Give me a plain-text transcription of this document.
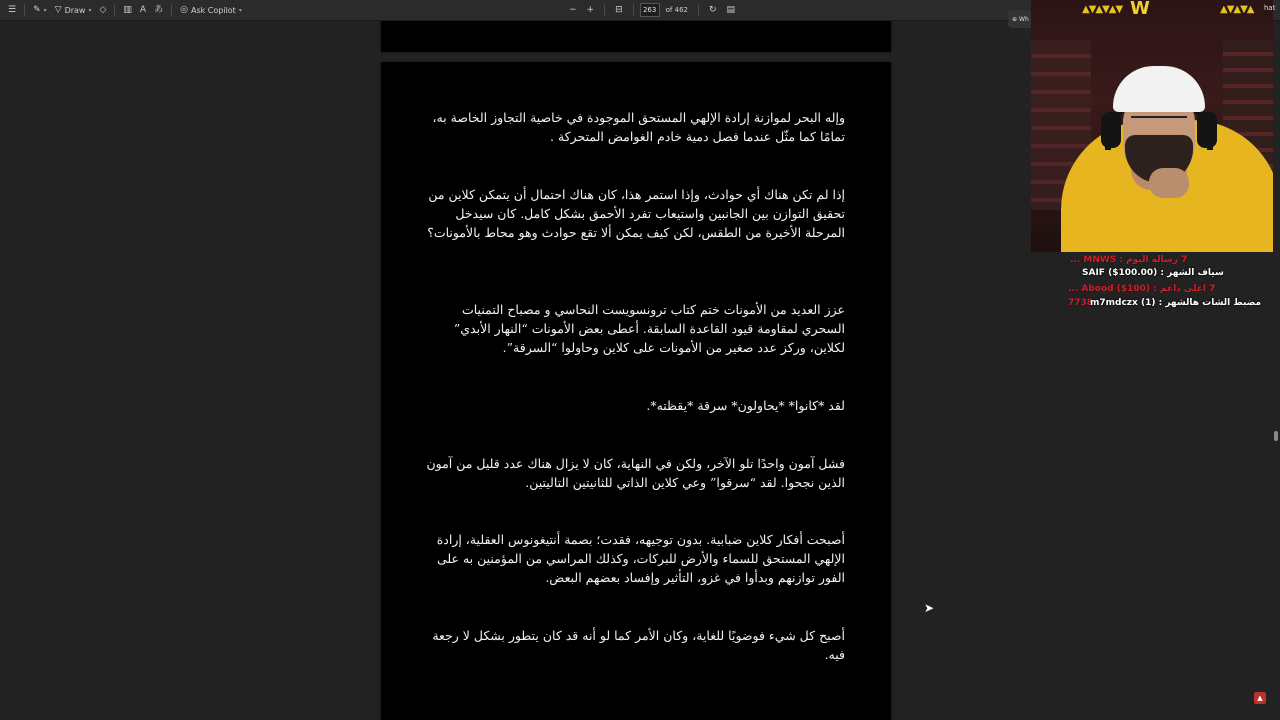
☰ ✎ ▾ ▽ Draw ▾ ◇ ▥ A あ ◎ Ask Copilot ▾	− + ⊟
263	of 462 ↻ ▤

وإله البحر لموازنة إرادة الإلهي المستحق الموجودة في خاصية التجاوز الخاصة به، تمامًا كما مثّل عندما فصل دمية خادم الغوامض المتحركة .

إذا لم تكن هناك أي حوادث، وإذا استمر هذا، كان هناك احتمال أن يتمكن كلاين من تحقيق التوازن بين الجانبين واستيعاب تفرد الأحمق بشكل كامل. كان سيدخل المرحلة الأخيرة من الطقس، لكن كيف يمكن ألا تقع حوادث وهو محاط بالأمونات؟

عزز العديد من الأمونات ختم كتاب ترونسويست النحاسي و مصباح التمنيات السحري لمقاومة قيود القاعدة السابقة. أعطى بعض الأمونات “النهار الأبدي” لكلاين، وركز عدد صغير من الأمونات على كلاين وحاولوا “السرقة”.

لقد *كانوا* *يحاولون* سرقة *يقظته*.

فشل آمون واحدًا تلو الآخر، ولكن في النهاية، كان لا يزال هناك عدد قليل من آمون الذين نجحوا. لقد “سرقوا” وعي كلاين الذاتي للثانيتين التاليتين.

أصبحت أفكار كلاين ضبابية. بدون توجيهه، فقدت؛ بصمة أنتيغونوس العقلية، إرادة الإلهي المستحق للسماء والأرض للبركات، وكذلك المراسي من المؤمنين به على الفور توازنهم وبدأوا في غزو، التأثير وإفساد بعضهم البعض.

أصبح كل شيء فوضويًا للغاية، وكان الأمر كما لو أنه قد كان يتطور بشكل لا رجعة فيه.

➤
▲
⊕ Wh
▲▼▲▼▲▼ W	▲▼▲▼▲ hat
7 رسالة اليوم : MNWS ...
سياف الشهر : SAIF ($100.00)
7 اعلى داعم : Abood ($100) ...
7738
مضبط الشات هالشهر : m7mdczx (1)
